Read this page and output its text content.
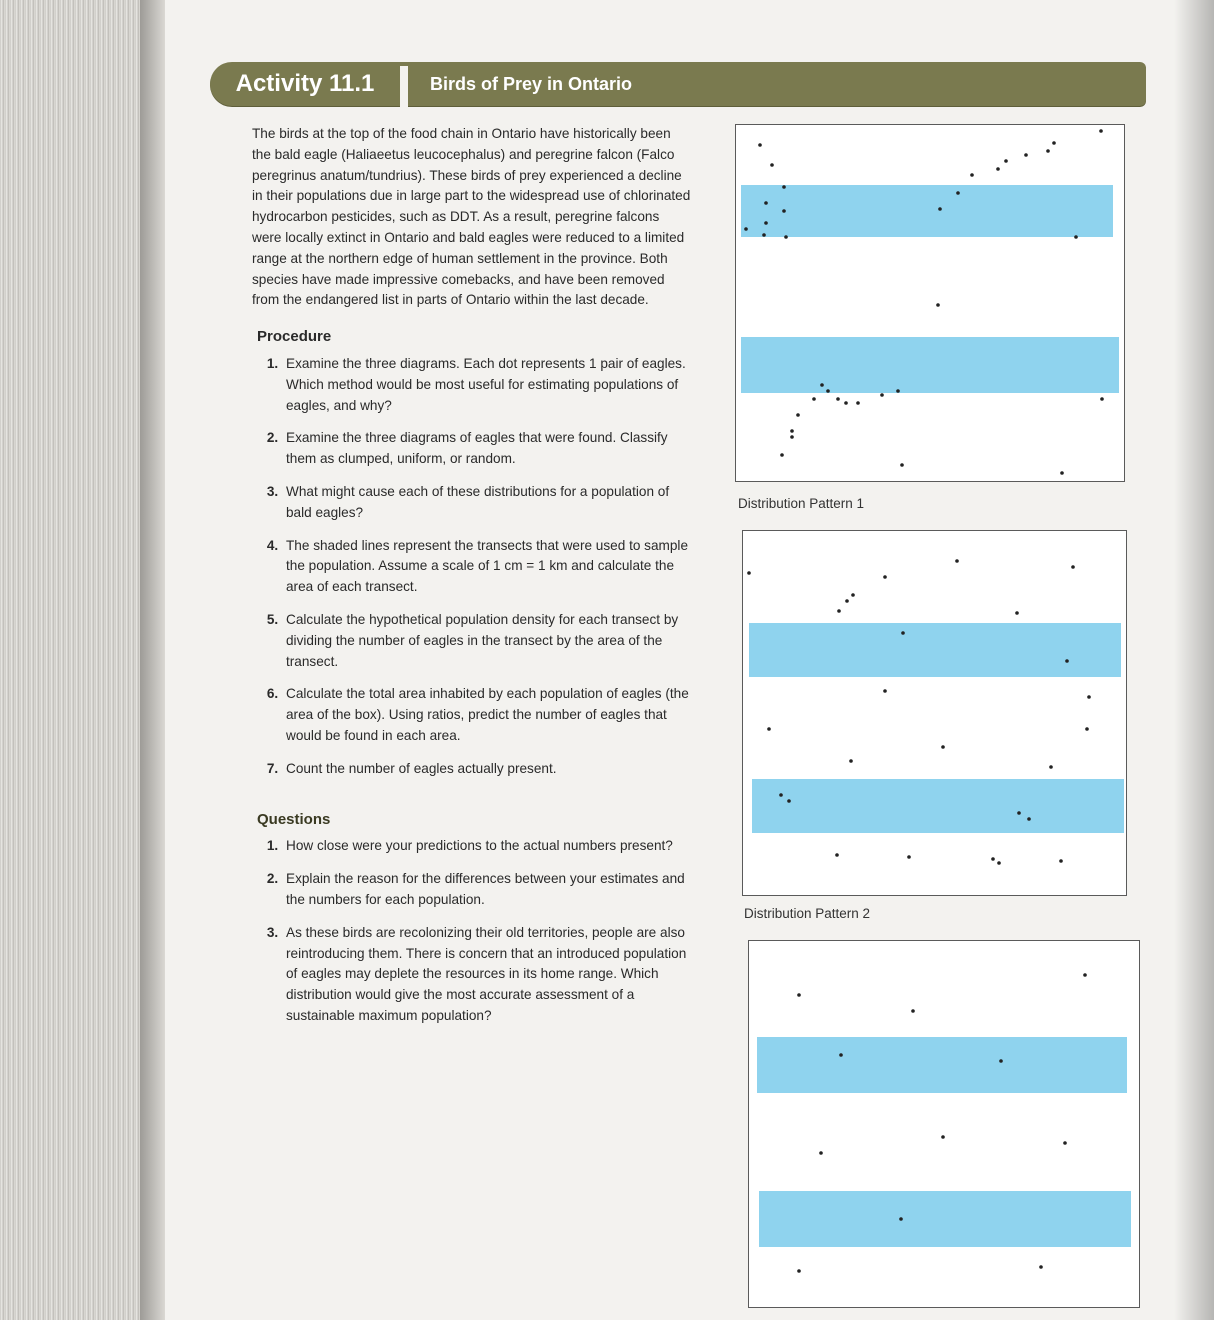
Activity 11.1	Birds of Prey in Ontario

The birds at the top of the food chain in Ontario have historically been the bald eagle (Haliaeetus leucocephalus) and peregrine falcon (Falco peregrinus anatum/tundrius). These birds of prey experienced a decline in their populations due in large part to the widespread use of chlorinated hydrocarbon pesticides, such as DDT. As a result, peregrine falcons were locally extinct in Ontario and bald eagles were reduced to a limited range at the northern edge of human settlement in the province. Both species have made impressive comebacks, and have been removed from the endangered list in parts of Ontario within the last decade.

Procedure
1. Examine the three diagrams. Each dot represents 1 pair of eagles. Which method would be most useful for estimating populations of eagles, and why?
2. Examine the three diagrams of eagles that were found. Classify them as clumped, uniform, or random.
3. What might cause each of these distributions for a population of bald eagles?
4. The shaded lines represent the transects that were used to sample the population. Assume a scale of 1 cm = 1 km and calculate the area of each transect.
5. Calculate the hypothetical population density for each transect by dividing the number of eagles in the transect by the area of the transect.
6. Calculate the total area inhabited by each population of eagles (the area of the box). Using ratios, predict the number of eagles that would be found in each area.
7. Count the number of eagles actually present.
Questions
1. How close were your predictions to the actual numbers present?
2. Explain the reason for the differences between your estimates and the numbers for each population.
3. As these birds are recolonizing their old territories, people are also reintroducing them. There is concern that an introduced population of eagles may deplete the resources in its home range. Which distribution would give the most accurate assessment of a sustainable maximum population?
Distribution Pattern 1
Distribution Pattern 2
